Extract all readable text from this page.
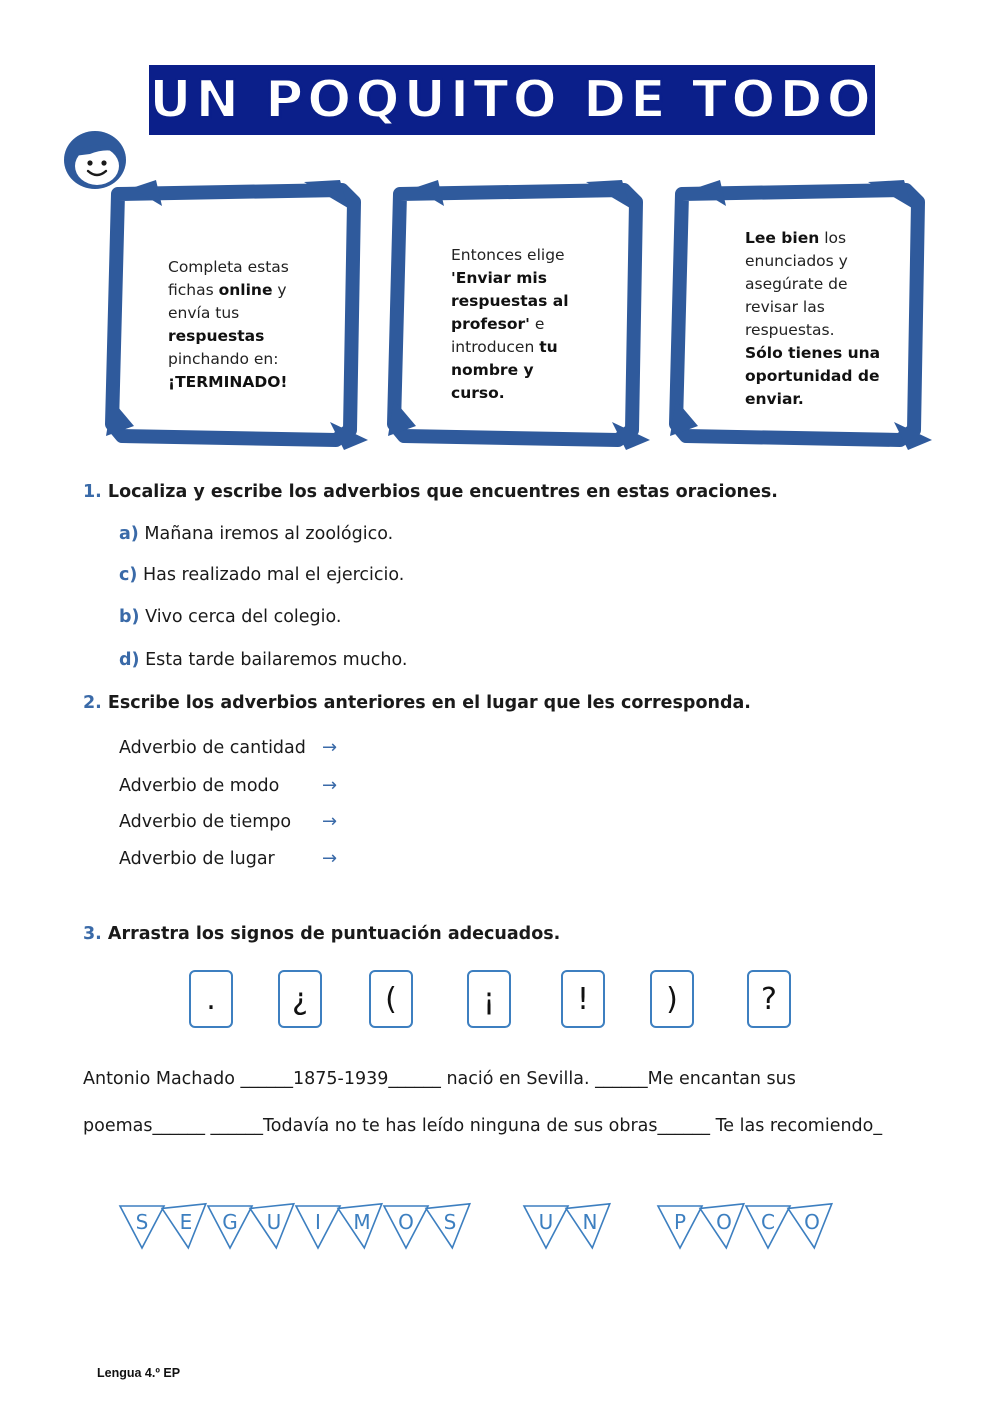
UN POQUITO DE TODO
Completa estas
fichas online y
envía tus
respuestas
pinchando en:
¡TERMINADO!
Entonces elige
'Enviar mis
respuestas al
profesor' e
introducen tu
nombre y
curso.
Lee bien los
enunciados y
asegúrate de
revisar las
respuestas.
Sólo tienes una
oportunidad de
enviar.
1. Localiza y escribe los adverbios que encuentres en estas oraciones.
a) Mañana iremos al zoológico.
c) Has realizado mal el ejercicio.
b) Vivo cerca del colegio.
d) Esta tarde bailaremos mucho.
2. Escribe los adverbios anteriores en el lugar que les corresponda.
Adverbio de cantidad →
Adverbio de modo →
Adverbio de tiempo →
Adverbio de lugar	→
3. Arrastra los signos de puntuación adecuados.
.	¿	(	¡	!	)	?
Antonio Machado ______1875-1939______ nació en Sevilla. ______Me encantan sus
poemas______ ______Todavía no te has leído ninguna de sus obras______ Te las recomiendo_
S E G U I M O S	U N	P O C O
Lengua 4.º EP
